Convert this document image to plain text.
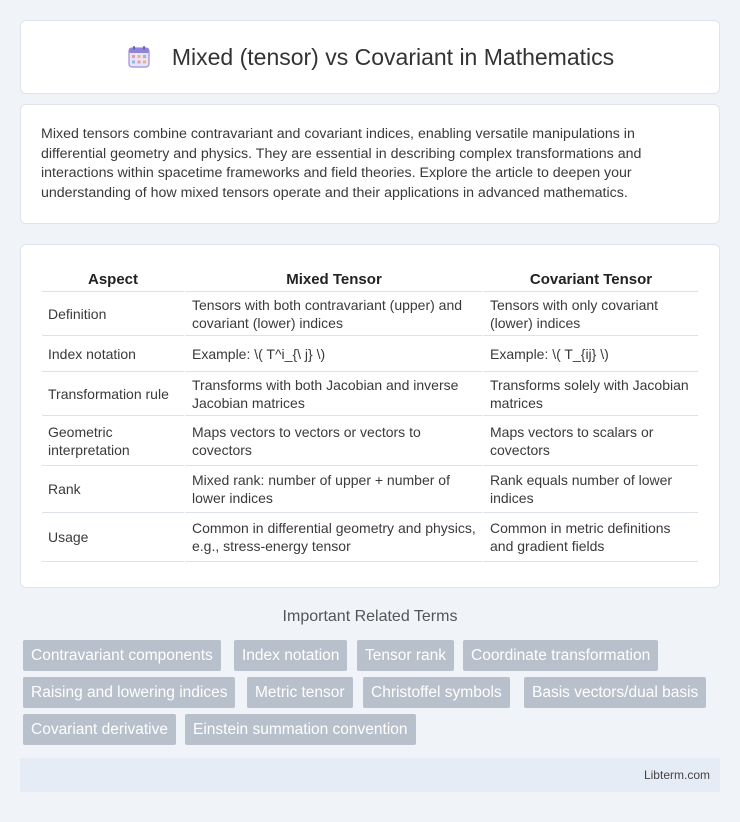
Mixed (tensor) vs Covariant in Mathematics

Mixed tensors combine contravariant and covariant indices, enabling versatile manipulations in differential geometry and physics. They are essential in describing complex transformations and interactions within spacetime frameworks and field theories. Explore the article to deepen your understanding of how mixed tensors operate and their applications in advanced mathematics.

Aspect	Mixed Tensor	Covariant Tensor
Definition	Tensors with both contravariant (upper) and covariant (lower) indices	Tensors with only covariant (lower) indices
Index notation	Example: \( T^i_{\ j} \)	Example: \( T_{ij} \)
Transformation rule	Transforms with both Jacobian and inverse Jacobian matrices	Transforms solely with Jacobian matrices
Geometric interpretation	Maps vectors to vectors or vectors to covectors	Maps vectors to scalars or covectors
Rank	Mixed rank: number of upper + number of lower indices	Rank equals number of lower indices
Usage	Common in differential geometry and physics, e.g., stress-energy tensor	Common in metric definitions and gradient fields
Important Related Terms
Contravariant components	Index notation	Tensor rank	Coordinate transformation
Raising and lowering indices	Metric tensor	Christoffel symbols	Basis vectors/dual basis
Covariant derivative	Einstein summation convention
Libterm.com
